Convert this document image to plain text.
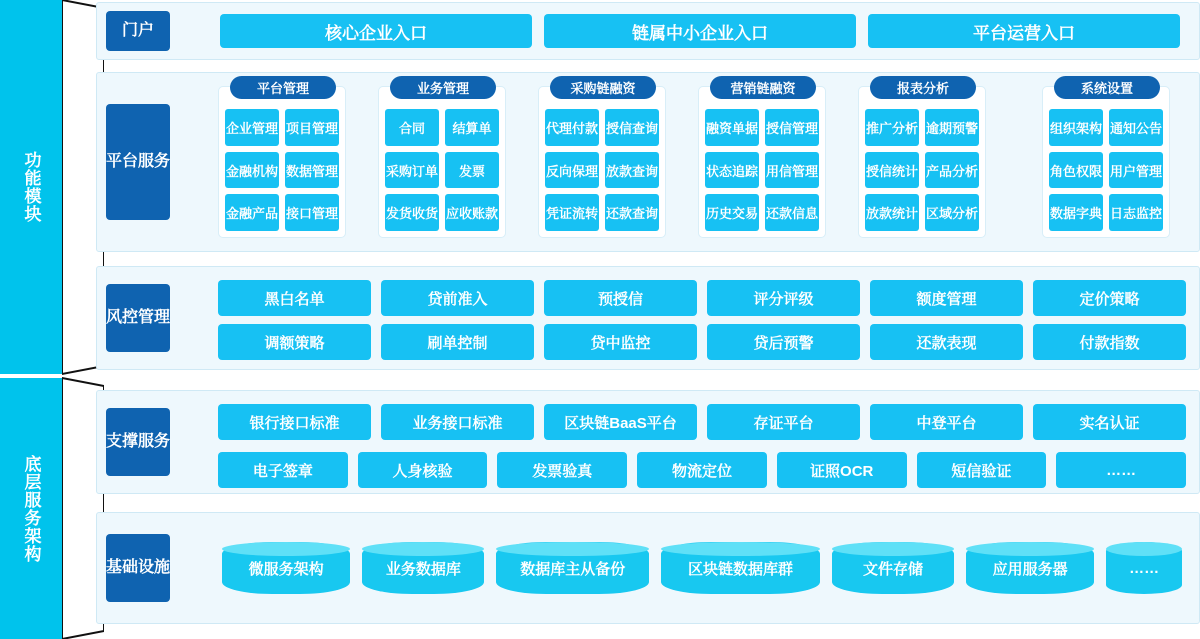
功能模块
底层服务架构
门户	核心企业入口	链属中小企业入口	平台运营入口
平台服务
平台管理
企业管理 项目管理
金融机构 数据管理
金融产品 接口管理
业务管理
合同 结算单
采购订单 发票
发货收货 应收账款
采购链融资
代理付款 授信查询
反向保理 放款查询
凭证流转 还款查询
营销链融资
融资单据 授信管理
状态追踪 用信管理
历史交易 还款信息
报表分析
推广分析 逾期预警
授信统计 产品分析
放款统计 区域分析
系统设置
组织架构 通知公告
角色权限 用户管理
数据字典 日志监控
风控管理
黑白名单	贷前准入	预授信	评分评级	额度管理	定价策略
调额策略	刷单控制	贷中监控	贷后预警	还款表现	付款指数
支撑服务
银行接口标准	业务接口标准	区块链BaaS平台	存证平台	中登平台	实名认证
电子签章	人身核验	发票验真	物流定位	证照OCR	短信验证	……
基础设施	微服务架构	业务数据库	数据库主从备份	区块链数据库群	文件存储	应用服务器	……
